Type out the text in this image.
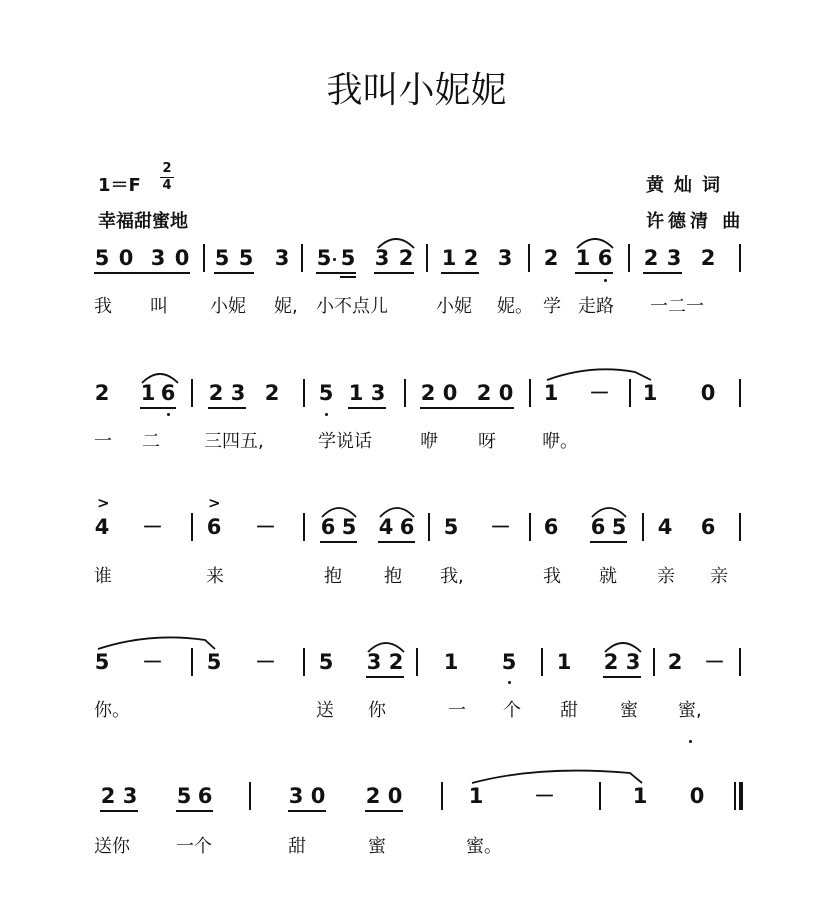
我叫小妮妮
1＝F
2
4
幸福甜蜜地
黄灿词
许德清 曲
5 0 3 0 5 5 3 5 5 3 2 1 2 3 2 1 6 2 3 2
我 叫 小妮 妮, 小不点儿	小妮 妮。 学 走路 一二一
2 1 6 2 3 2 5 1 3 2 0 2 0 1 － 1 0
一 二 三四五,	学说话	咿 呀	咿。
>	>
4 － 6 － 6 5 4 6 5 － 6 6 5 4 6
谁	来	抱 抱 我,	我 就 亲 亲
5 － 5 － 5 3 2 1 5 1 2 3 2 －
你。	送 你	一 个 甜 蜜 蜜,
2 3 5 6	3 0 2 0	1 －	1 0
送你	一个	甜	蜜	蜜。
